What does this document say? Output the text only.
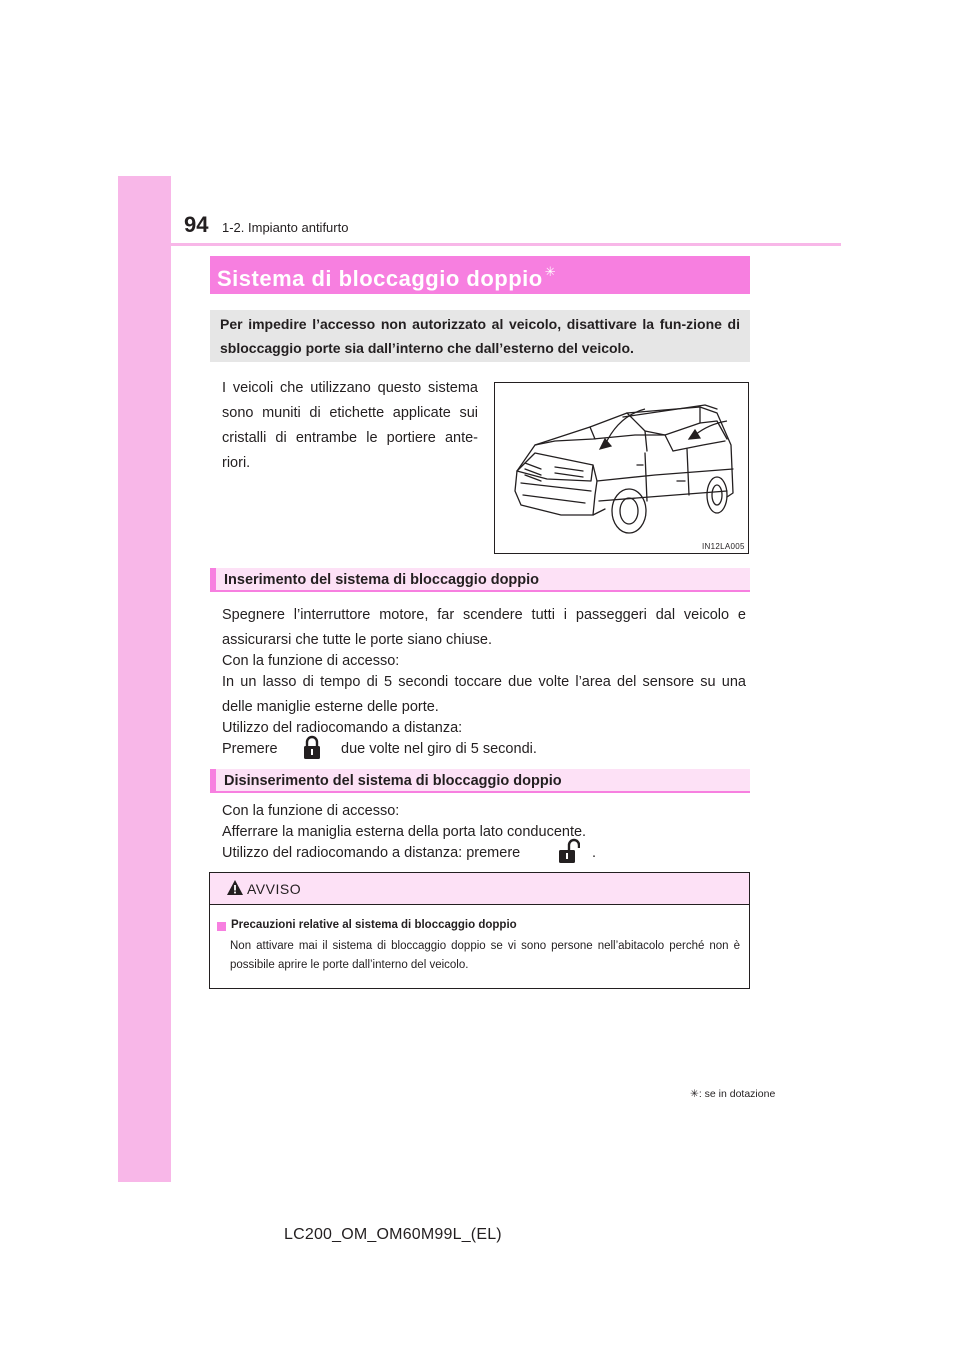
94 1-2. Impianto antifurto
Sistema di bloccaggio doppio ✳
Per impedire l’accesso non autorizzato al veicolo, disattivare la fun-zione di sbloccaggio porte sia dall’interno che dall’esterno del veicolo.
I veicoli che utilizzano questo sistema sono muniti di etichette applicate sui cristalli di entrambe le portiere ante-riori.
IN12LA005
Inserimento del sistema di bloccaggio doppio
Spegnere l’interruttore motore, far scendere tutti i passeggeri dal veicolo e assicurarsi che tutte le porte siano chiuse.
Con la funzione di accesso:
In un lasso di tempo di 5 secondi toccare due volte l’area del sensore su una delle maniglie esterne delle porte.
Utilizzo del radiocomando a distanza:
Premere	due volte nel giro di 5 secondi.
Disinserimento del sistema di bloccaggio doppio
Con la funzione di accesso:
Afferrare la maniglia esterna della porta lato conducente.
Utilizzo del radiocomando a distanza: premere	.
AVVISO
Precauzioni relative al sistema di bloccaggio doppio
Non attivare mai il sistema di bloccaggio doppio se vi sono persone nell’abitacolo perché non è possibile aprire le porte dall’interno del veicolo.
✳: se in dotazione
LC200_OM_OM60M99L_(EL)
